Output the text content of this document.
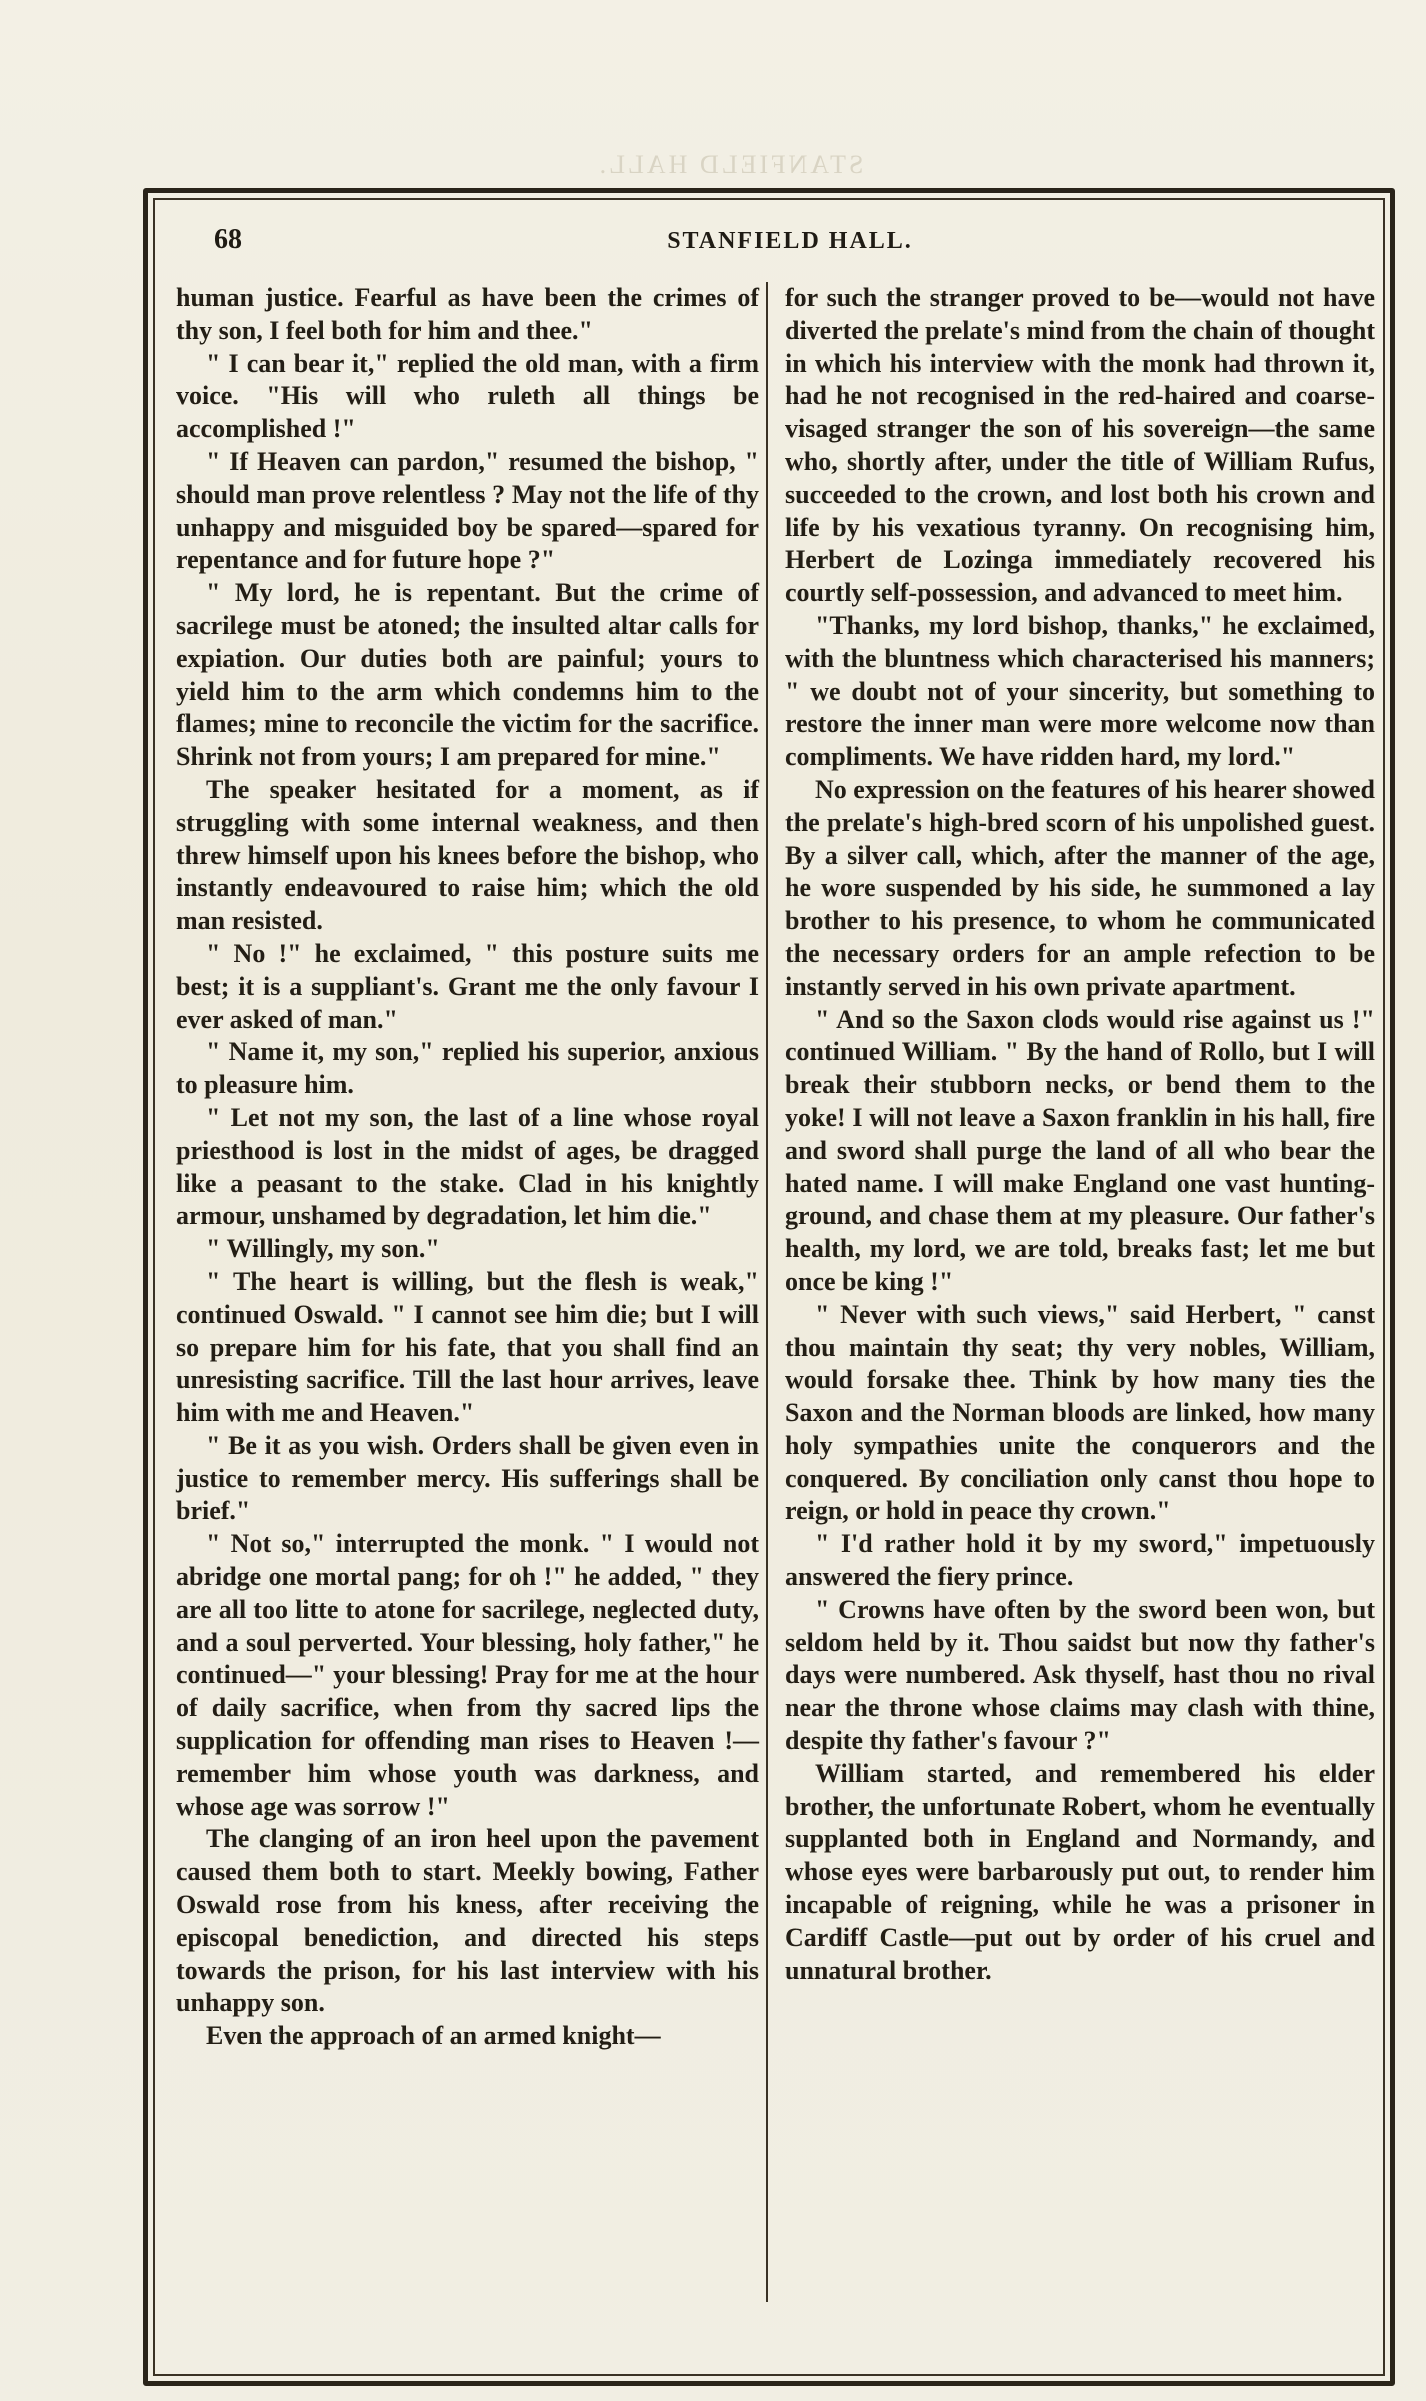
STANFIELD HALL.
68	STANFIELD HALL.

human justice. Fearful as have been the crimes of thy son, I feel both for him and thee."

" I can bear it," replied the old man, with a firm voice. "His will who ruleth all things be accomplished !"

" If Heaven can pardon," resumed the bishop, " should man prove relentless ? May not the life of thy unhappy and misguided boy be spared—spared for repentance and for future hope ?"

" My lord, he is repentant. But the crime of sacrilege must be atoned; the insulted altar calls for expiation. Our duties both are painful; yours to yield him to the arm which condemns him to the flames; mine to reconcile the victim for the sacrifice. Shrink not from yours; I am prepared for mine."

The speaker hesitated for a moment, as if struggling with some internal weakness, and then threw himself upon his knees before the bishop, who instantly endeavoured to raise him; which the old man resisted.

" No !" he exclaimed, " this posture suits me best; it is a suppliant's. Grant me the only favour I ever asked of man."

" Name it, my son," replied his superior, anxious to pleasure him.

" Let not my son, the last of a line whose royal priesthood is lost in the midst of ages, be dragged like a peasant to the stake. Clad in his knightly armour, unshamed by degradation, let him die."

" Willingly, my son."

" The heart is willing, but the flesh is weak," continued Oswald. " I cannot see him die; but I will so prepare him for his fate, that you shall find an unresisting sacrifice. Till the last hour arrives, leave him with me and Heaven."

" Be it as you wish. Orders shall be given even in justice to remember mercy. His sufferings shall be brief."

" Not so," interrupted the monk. " I would not abridge one mortal pang; for oh !" he added, " they are all too litte to atone for sacrilege, neglected duty, and a soul perverted. Your blessing, holy father," he continued—" your blessing! Pray for me at the hour of daily sacrifice, when from thy sacred lips the supplication for offending man rises to Heaven !—remember him whose youth was darkness, and whose age was sorrow !"

The clanging of an iron heel upon the pavement caused them both to start. Meekly bowing, Father Oswald rose from his kness, after receiving the episcopal benediction, and directed his steps towards the prison, for his last interview with his unhappy son.

Even the approach of an armed knight—

for such the stranger proved to be—would not have diverted the prelate's mind from the chain of thought in which his interview with the monk had thrown it, had he not recognised in the red-haired and coarse-visaged stranger the son of his sovereign—the same who, shortly after, under the title of William Rufus, succeeded to the crown, and lost both his crown and life by his vexatious tyranny. On recognising him, Herbert de Lozinga immediately recovered his courtly self-possession, and advanced to meet him.

"Thanks, my lord bishop, thanks," he exclaimed, with the bluntness which characterised his manners; " we doubt not of your sincerity, but something to restore the inner man were more welcome now than compliments. We have ridden hard, my lord."

No expression on the features of his hearer showed the prelate's high-bred scorn of his unpolished guest. By a silver call, which, after the manner of the age, he wore suspended by his side, he summoned a lay brother to his presence, to whom he communicated the necessary orders for an ample refection to be instantly served in his own private apartment.

" And so the Saxon clods would rise against us !" continued William. " By the hand of Rollo, but I will break their stubborn necks, or bend them to the yoke! I will not leave a Saxon franklin in his hall, fire and sword shall purge the land of all who bear the hated name. I will make England one vast hunting-ground, and chase them at my pleasure. Our father's health, my lord, we are told, breaks fast; let me but once be king !"

" Never with such views," said Herbert, " canst thou maintain thy seat; thy very nobles, William, would forsake thee. Think by how many ties the Saxon and the Norman bloods are linked, how many holy sympathies unite the conquerors and the conquered. By conciliation only canst thou hope to reign, or hold in peace thy crown."

" I'd rather hold it by my sword," impetuously answered the fiery prince.

" Crowns have often by the sword been won, but seldom held by it. Thou saidst but now thy father's days were numbered. Ask thyself, hast thou no rival near the throne whose claims may clash with thine, despite thy father's favour ?"

William started, and remembered his elder brother, the unfortunate Robert, whom he eventually supplanted both in England and Normandy, and whose eyes were barbarously put out, to render him incapable of reigning, while he was a prisoner in Cardiff Castle—put out by order of his cruel and unnatural brother.
